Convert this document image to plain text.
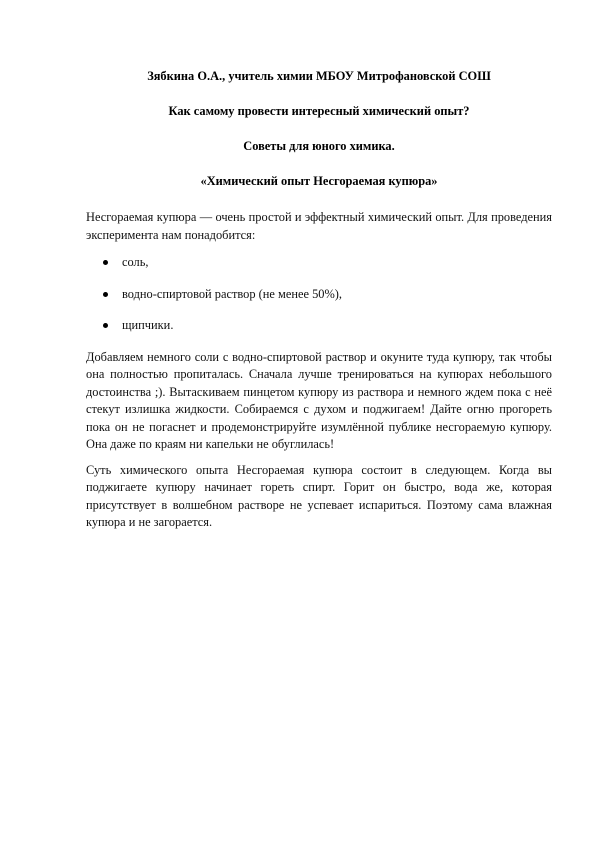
Зябкина О.А., учитель химии МБОУ Митрофановской СОШ

Как самому провести интересный химический опыт?

Советы для юного химика.

«Химический опыт Несгораемая купюра»

Несгораемая купюра — очень простой и эффектный химический опыт. Для проведения эксперимента нам понадобится:

соль,
водно-спиртовой раствор (не менее 50%),
щипчики.

Добавляем немного соли с водно-спиртовой раствор и окуните туда купюру, так чтобы она полностью пропиталась. Сначала лучше тренироваться на купюрах небольшого достоинства ;). Вытаскиваем пинцетом купюру из раствора и немного ждем пока с неё стекут излишка жидкости. Собираемся с духом и поджигаем! Дайте огню прогореть пока он не погаснет и продемонстрируйте изумлённой публике несгораемую купюру. Она даже по краям ни капельки не обуглилась!

Суть химического опыта Несгораемая купюра состоит в следующем. Когда вы поджигаете купюру начинает гореть спирт. Горит он быстро, вода же, которая присутствует в волшебном растворе не успевает испариться. Поэтому сама влажная купюра и не загорается.
